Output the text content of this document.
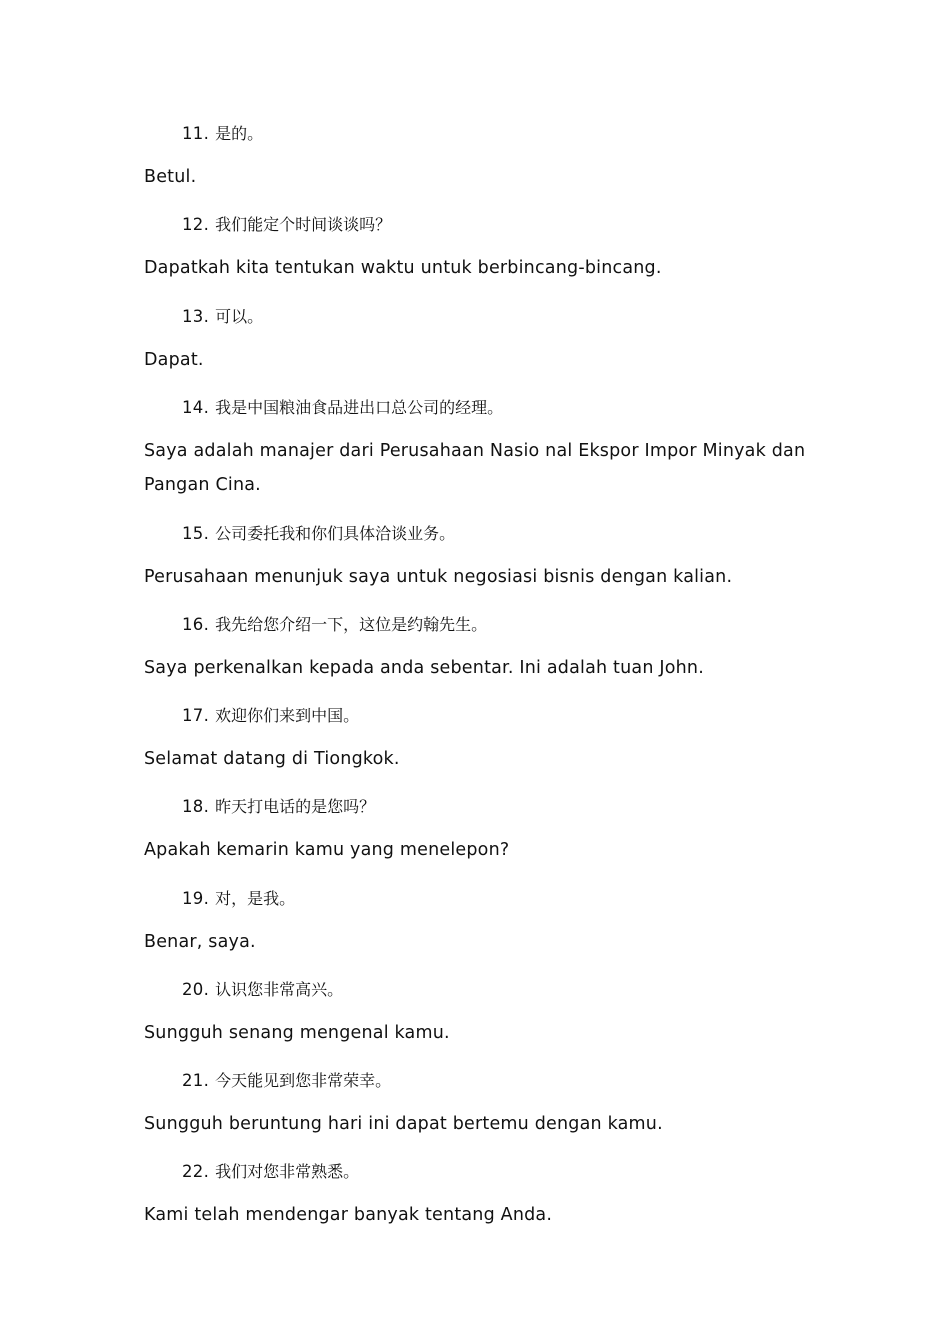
11. 是的。
Betul.
12. 我们能定个时间谈谈吗？
Dapatkah kita tentukan waktu untuk berbincang-bincang.
13. 可以。
Dapat.
14. 我是中国粮油食品进出口总公司的经理。
Saya adalah manajer dari Perusahaan Nasio nal Ekspor Impor Minyak dan Pangan Cina.
15. 公司委托我和你们具体洽谈业务。
Perusahaan menunjuk saya untuk negosiasi bisnis dengan kalian.
16. 我先给您介绍一下，这位是约翰先生。
Saya perkenalkan kepada anda sebentar. Ini adalah tuan John.
17. 欢迎你们来到中国。
Selamat datang di Tiongkok.
18. 昨天打电话的是您吗？
Apakah kemarin kamu yang menelepon?
19. 对，是我。
Benar, saya.
20. 认识您非常高兴。
Sungguh senang mengenal kamu.
21. 今天能见到您非常荣幸。
Sungguh beruntung hari ini dapat bertemu dengan kamu.
22. 我们对您非常熟悉。
Kami telah mendengar banyak tentang Anda.
